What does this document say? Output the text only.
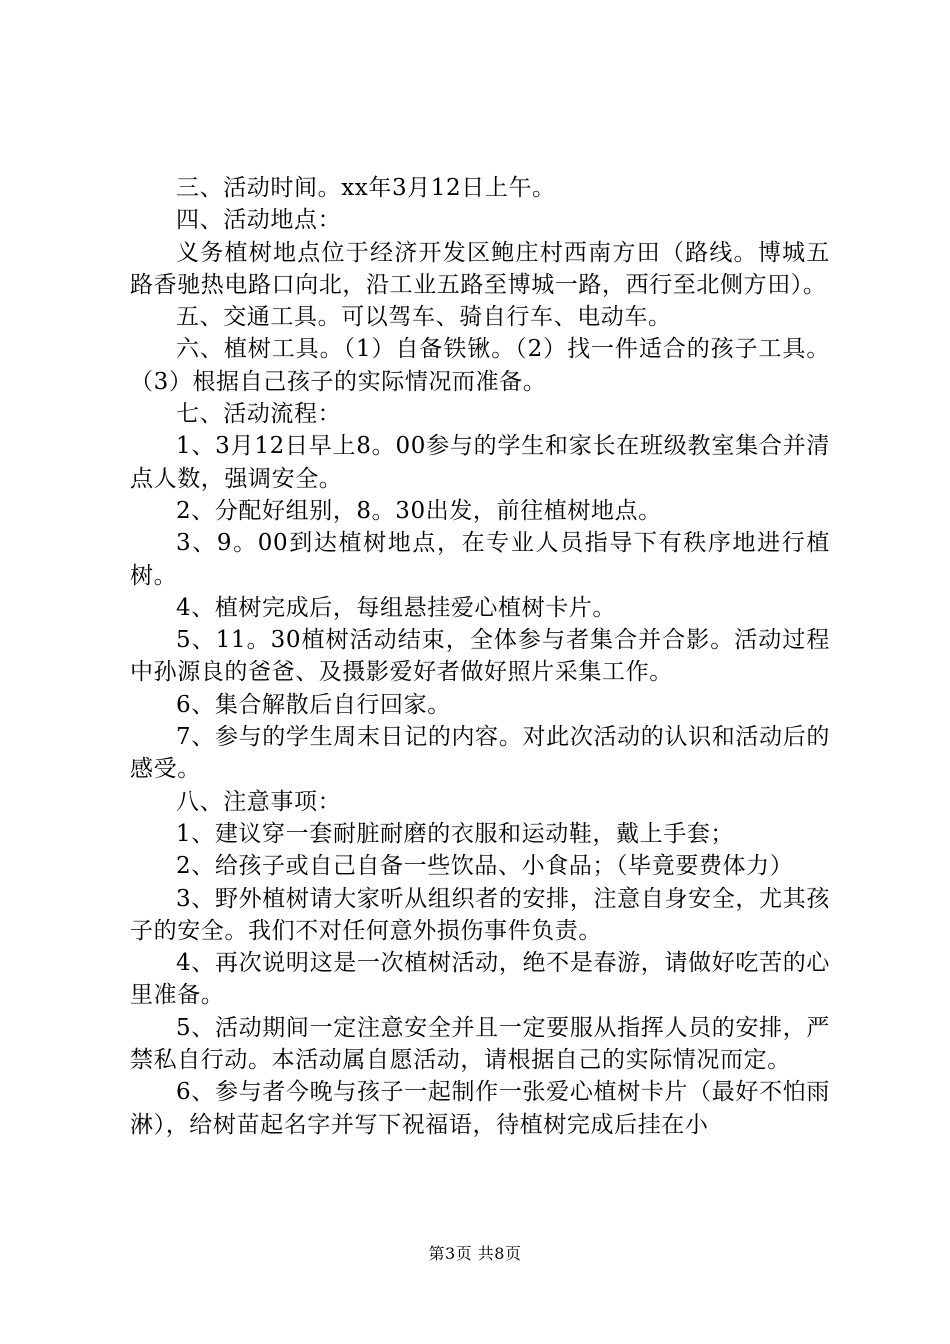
三、活动时间。xx年3月12日上午。

四、活动地点：

义务植树地点位于经济开发区鲍庄村西南方田（路线。博城五路香驰热电路口向北，沿工业五路至博城一路，西行至北侧方田）。

五、交通工具。可以驾车、骑自行车、电动车。

六、植树工具。（1）自备铁锹。（2）找一件适合的孩子工具。（3）根据自己孩子的实际情况而准备。

七、活动流程：

1、3月12日早上8。00参与的学生和家长在班级教室集合并清点人数，强调安全。

2、分配好组别，8。30出发，前往植树地点。

3、9。00到达植树地点，在专业人员指导下有秩序地进行植树。

4、植树完成后，每组悬挂爱心植树卡片。

5、11。30植树活动结束，全体参与者集合并合影。活动过程中孙源良的爸爸、及摄影爱好者做好照片采集工作。

6、集合解散后自行回家。

7、参与的学生周末日记的内容。对此次活动的认识和活动后的感受。

八、注意事项：

1、建议穿一套耐脏耐磨的衣服和运动鞋，戴上手套；

2、给孩子或自己自备一些饮品、小食品；（毕竟要费体力）

3、野外植树请大家听从组织者的安排，注意自身安全，尤其孩子的安全。我们不对任何意外损伤事件负责。

4、再次说明这是一次植树活动，绝不是春游，请做好吃苦的心里准备。

5、活动期间一定注意安全并且一定要服从指挥人员的安排，严禁私自行动。本活动属自愿活动，请根据自己的实际情况而定。

6、参与者今晚与孩子一起制作一张爱心植树卡片（最好不怕雨淋），给树苗起名字并写下祝福语，待植树完成后挂在小

第3页 共8页
